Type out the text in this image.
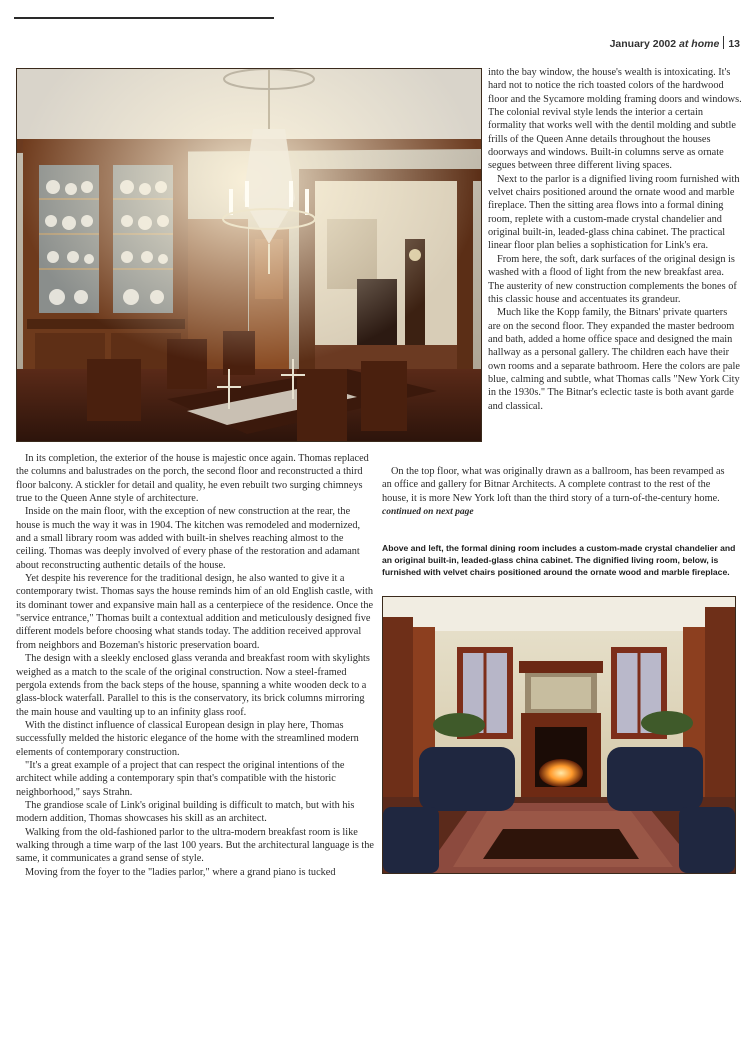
January 2002 at home 13

into the bay window, the house's wealth is intoxicating. It's hard not to notice the rich toasted colors of the hardwood floor and the Sycamore molding framing doors and windows. The colonial revival style lends the interior a certain formality that works well with the dentil molding and subtle frills of the Queen Anne details throughout the houses doorways and windows. Built-in columns serve as ornate segues between three different living spaces.

Next to the parlor is a dignified living room furnished with velvet chairs positioned around the ornate wood and marble fireplace. Then the sitting area flows into a formal dining room, replete with a custom-made crystal chandelier and original built-in, leaded-glass china cabinet. The practical linear floor plan belies a sophistication for Link's era.

From here, the soft, dark surfaces of the original design is washed with a flood of light from the new breakfast area. The austerity of new construction complements the bones of this classic house and accentuates its grandeur.

Much like the Kopp family, the Bitnars' private quarters are on the second floor. They expanded the master bedroom and bath, added a home office space and designed the main hallway as a personal gallery. The children each have their own rooms and a separate bathroom. Here the colors are pale blue, calming and subtle, what Thomas calls "New York City in the 1930s." The Bitnar's eclectic taste is both avant garde and classical.

On the top floor, what was originally drawn as a ballroom, has been revamped as an office and gallery for Bitnar Architects. A complete contrast to the rest of the house, it is more New York loft than the third story of a turn-of-the-century home.  continued on next page

In its completion, the exterior of the house is majestic once again. Thomas replaced the columns and balustrades on the porch, the second floor and reconstructed a third floor balcony. A stickler for detail and quality, he even rebuilt two surging chimneys true to the Queen Anne style of architecture.

Inside on the main floor, with the exception of new construction at the rear, the house is much the way it was in 1904. The kitchen was remodeled and modernized, and a small library room was added with built-in shelves reaching almost to the ceiling. Thomas was deeply involved of every phase of the restoration and adamant about reconstructing authentic details of the house.

Yet despite his reverence for the traditional design, he also wanted to give it a contemporary twist. Thomas says the house reminds him of an old English castle, with its dominant tower and expansive main hall as a centerpiece of the residence. Once the "service entrance," Thomas built a contextual addition and meticulously designed five different models before choosing what stands today. The addition received approval from neighbors and Bozeman's historic preservation board.

The design with a sleekly enclosed glass veranda and breakfast room with skylights weighed as a match to the scale of the original construction. Now a steel-framed pergola extends from the back steps of the house, spanning a white wooden deck to a glass-block waterfall. Parallel to this is the conservatory, its brick columns mirroring the main house and vaulting up to an infinity glass roof.

With the distinct influence of classical European design in play here, Thomas successfully melded the historic elegance of the home with the streamlined modern elements of contemporary construction.

"It's a great example of a project that can respect the original intentions of the architect while adding a contemporary spin that's compatible with the historic neighborhood," says Strahn.

The grandiose scale of Link's original building is difficult to match, but with his modern addition, Thomas showcases his skill as an architect.

Walking from the old-fashioned parlor to the ultra-modern breakfast room is like walking through a time warp of the last 100 years. But the architectural language is the same, it communicates a grand sense of style.

Moving from the foyer to the "ladies parlor," where a grand piano is tucked

Above and left, the formal dining room includes a custom-made crystal chandelier and an original built-in, leaded-glass china cabinet. The dignified living room, below, is furnished with velvet chairs positioned around the ornate wood and marble fireplace.
